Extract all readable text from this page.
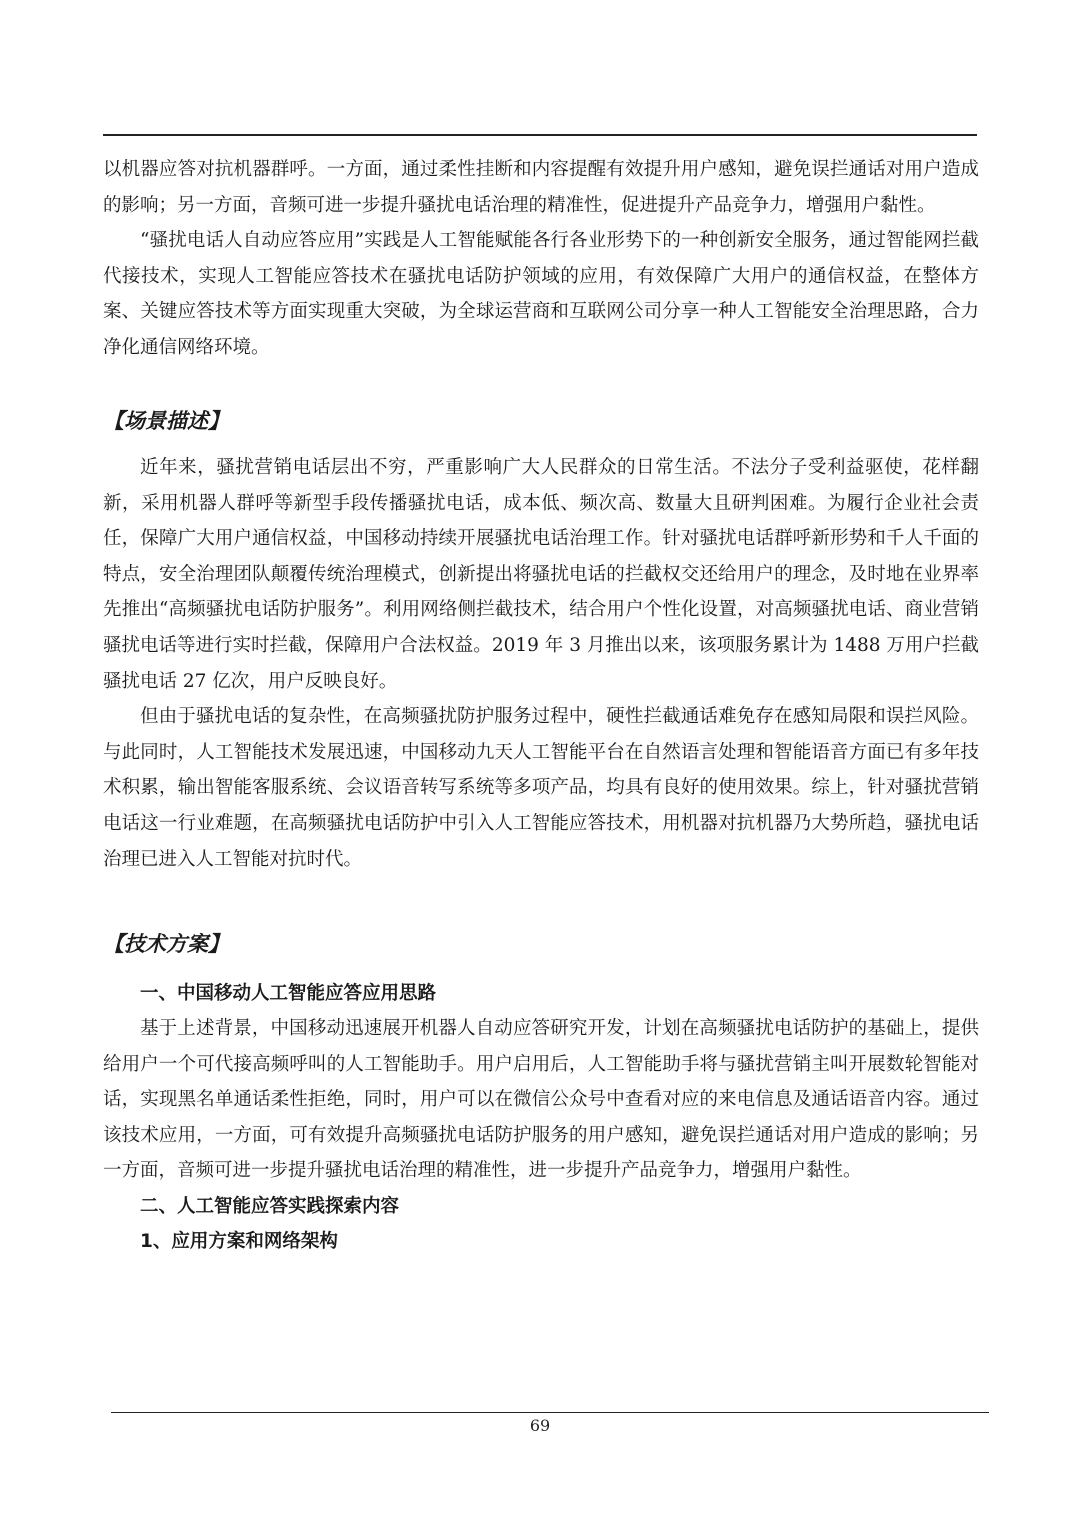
以机器应答对抗机器群呼。一方面，通过柔性挂断和内容提醒有效提升用户感知，避免误拦通话对用户造成的影响；另一方面，音频可进一步提升骚扰电话治理的精准性，促进提升产品竞争力，增强用户黏性。

“骚扰电话人自动应答应用”实践是人工智能赋能各行各业形势下的一种创新安全服务，通过智能网拦截代接技术，实现人工智能应答技术在骚扰电话防护领域的应用，有效保障广大用户的通信权益，在整体方案、关键应答技术等方面实现重大突破，为全球运营商和互联网公司分享一种人工智能安全治理思路，合力净化通信网络环境。

【场景描述】

近年来，骚扰营销电话层出不穷，严重影响广大人民群众的日常生活。不法分子受利益驱使，花样翻新，采用机器人群呼等新型手段传播骚扰电话，成本低、频次高、数量大且研判困难。为履行企业社会责任，保障广大用户通信权益，中国移动持续开展骚扰电话治理工作。针对骚扰电话群呼新形势和千人千面的特点，安全治理团队颠覆传统治理模式，创新提出将骚扰电话的拦截权交还给用户的理念，及时地在业界率先推出“高频骚扰电话防护服务”。利用网络侧拦截技术，结合用户个性化设置，对高频骚扰电话、商业营销骚扰电话等进行实时拦截，保障用户合法权益。2019 年 3 月推出以来，该项服务累计为 1488 万用户拦截骚扰电话 27 亿次，用户反映良好。

但由于骚扰电话的复杂性，在高频骚扰防护服务过程中，硬性拦截通话难免存在感知局限和误拦风险。与此同时，人工智能技术发展迅速，中国移动九天人工智能平台在自然语言处理和智能语音方面已有多年技术积累，输出智能客服系统、会议语音转写系统等多项产品，均具有良好的使用效果。综上，针对骚扰营销电话这一行业难题，在高频骚扰电话防护中引入人工智能应答技术，用机器对抗机器乃大势所趋，骚扰电话治理已进入人工智能对抗时代。

【技术方案】

一、中国移动人工智能应答应用思路

基于上述背景，中国移动迅速展开机器人自动应答研究开发，计划在高频骚扰电话防护的基础上，提供给用户一个可代接高频呼叫的人工智能助手。用户启用后，人工智能助手将与骚扰营销主叫开展数轮智能对话，实现黑名单通话柔性拒绝，同时，用户可以在微信公众号中查看对应的来电信息及通话语音内容。通过该技术应用，一方面，可有效提升高频骚扰电话防护服务的用户感知，避免误拦通话对用户造成的影响；另一方面，音频可进一步提升骚扰电话治理的精准性，进一步提升产品竞争力，增强用户黏性。

二、人工智能应答实践探索内容

1、应用方案和网络架构

69
